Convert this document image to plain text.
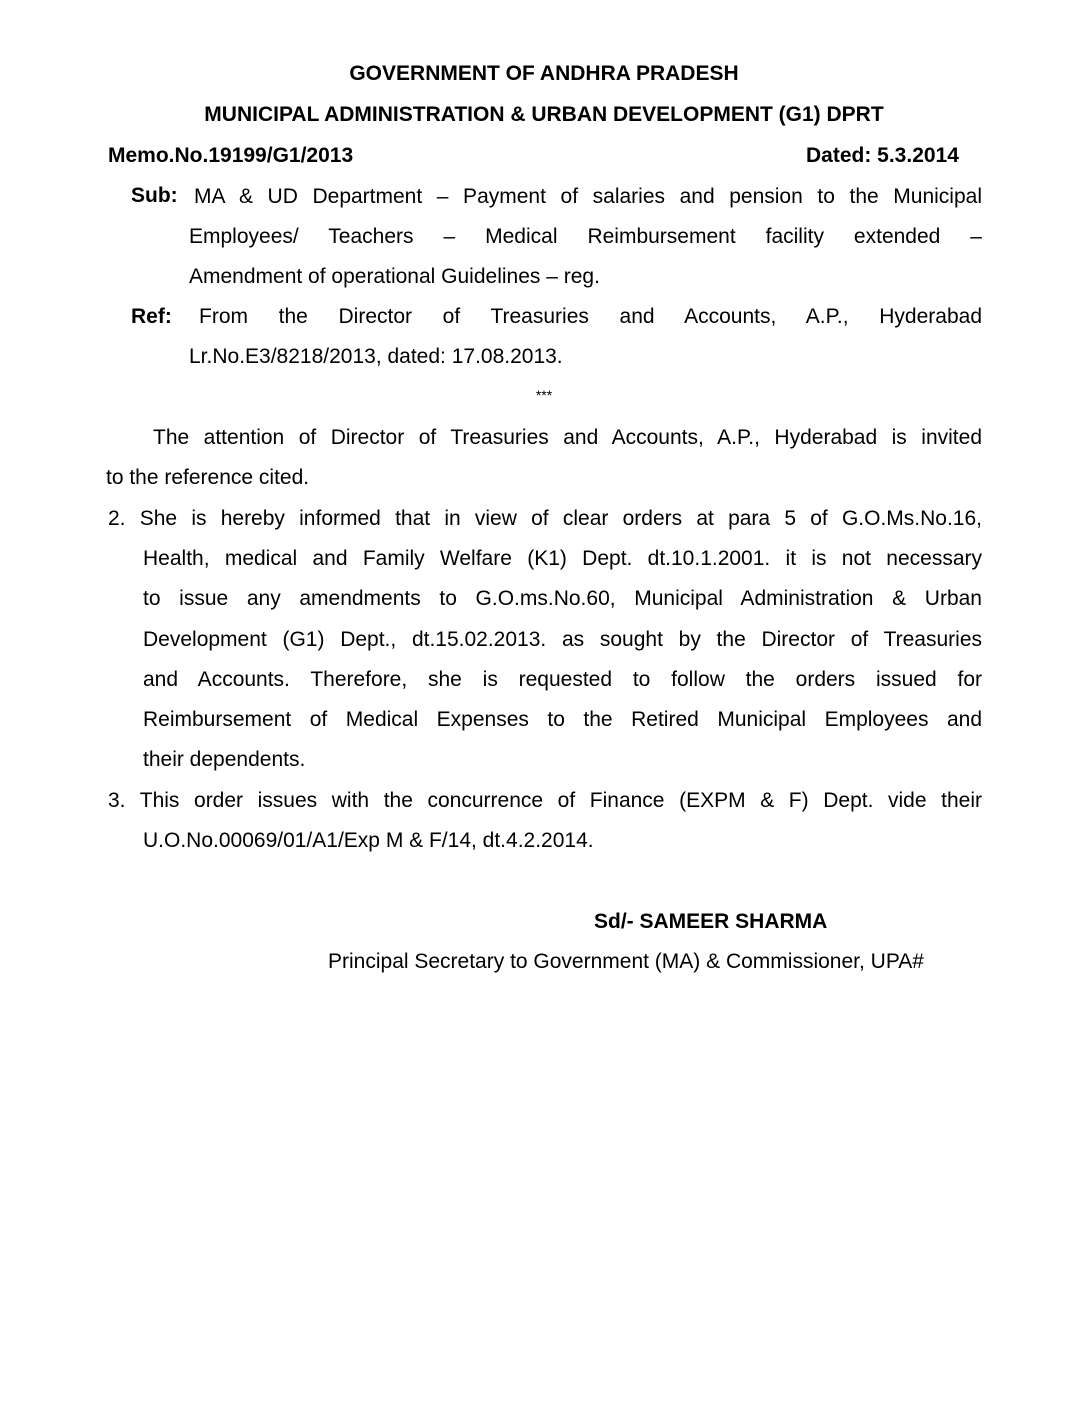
GOVERNMENT OF ANDHRA PRADESH
MUNICIPAL ADMINISTRATION & URBAN DEVELOPMENT (G1) DPRT
Memo.No.19199/G1/2013	Dated: 5.3.2014
Sub: MA & UD Department – Payment of salaries and pension to the Municipal
Employees/ Teachers – Medical Reimbursement facility extended –
Amendment of operational Guidelines – reg.
Ref: From the Director of Treasuries and Accounts, A.P., Hyderabad
Lr.No.E3/8218/2013, dated: 17.08.2013.
***
The attention of Director of Treasuries and Accounts, A.P., Hyderabad is invited
to the reference cited.
2. She is hereby informed that in view of clear orders at para 5 of G.O.Ms.No.16,
Health, medical and Family Welfare (K1) Dept. dt.10.1.2001. it is not necessary
to issue any amendments to G.O.ms.No.60, Municipal Administration & Urban
Development (G1) Dept., dt.15.02.2013. as sought by the Director of Treasuries
and Accounts. Therefore, she is requested to follow the orders issued for
Reimbursement of Medical Expenses to the Retired Municipal Employees and
their dependents.
3. This order issues with the concurrence of Finance (EXPM & F) Dept. vide their
U.O.No.00069/01/A1/Exp M & F/14, dt.4.2.2014.
Sd/- SAMEER SHARMA
Principal Secretary to Government (MA) & Commissioner, UPA#
